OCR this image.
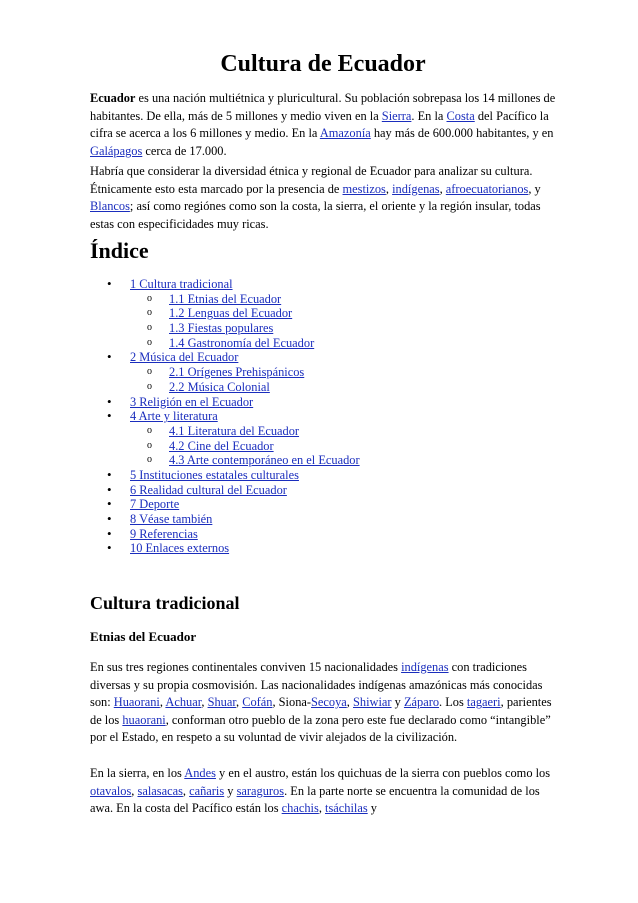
Cultura de Ecuador

Ecuador es una nación multiétnica y pluricultural. Su población sobrepasa los 14 millones de habitantes. De ella, más de 5 millones y medio viven en la Sierra. En la Costa del Pacífico la cifra se acerca a los 6 millones y medio. En la Amazonía hay más de 600.000 habitantes, y en Galápagos cerca de 17.000.

Habría que considerar la diversidad étnica y regional de Ecuador para analizar su cultura. Étnicamente esto esta marcado por la presencia de mestizos, indígenas, afroecuatorianos, y Blancos; así como regiónes como son la costa, la sierra, el oriente y la región insular, todas estas con especificidades muy ricas.

Índice
• 1 Cultura tradicional
o 1.1 Etnias del Ecuador
o 1.2 Lenguas del Ecuador
o 1.3 Fiestas populares
o 1.4 Gastronomía del Ecuador
• 2 Música del Ecuador
o 2.1 Orígenes Prehispánicos
o 2.2 Música Colonial
• 3 Religión en el Ecuador
• 4 Arte y literatura
o 4.1 Literatura del Ecuador
o 4.2 Cine del Ecuador
o 4.3 Arte contemporáneo en el Ecuador
• 5 Instituciones estatales culturales
• 6 Realidad cultural del Ecuador
• 7 Deporte
• 8 Véase también
• 9 Referencias
• 10 Enlaces externos
Cultura tradicional
Etnias del Ecuador

En sus tres regiones continentales conviven 15 nacionalidades indígenas con tradiciones diversas y su propia cosmovisión. Las nacionalidades indígenas amazónicas más conocidas son: Huaorani, Achuar, Shuar, Cofán, Siona-Secoya, Shiwiar y Záparo. Los tagaeri, parientes de los huaorani, conforman otro pueblo de la zona pero este fue declarado como “intangible” por el Estado, en respeto a su voluntad de vivir alejados de la civilización.

En la sierra, en los Andes y en el austro, están los quichuas de la sierra con pueblos como los otavalos, salasacas, cañaris y saraguros. En la parte norte se encuentra la comunidad de los awa. En la costa del Pacífico están los chachis, tsáchilas y
